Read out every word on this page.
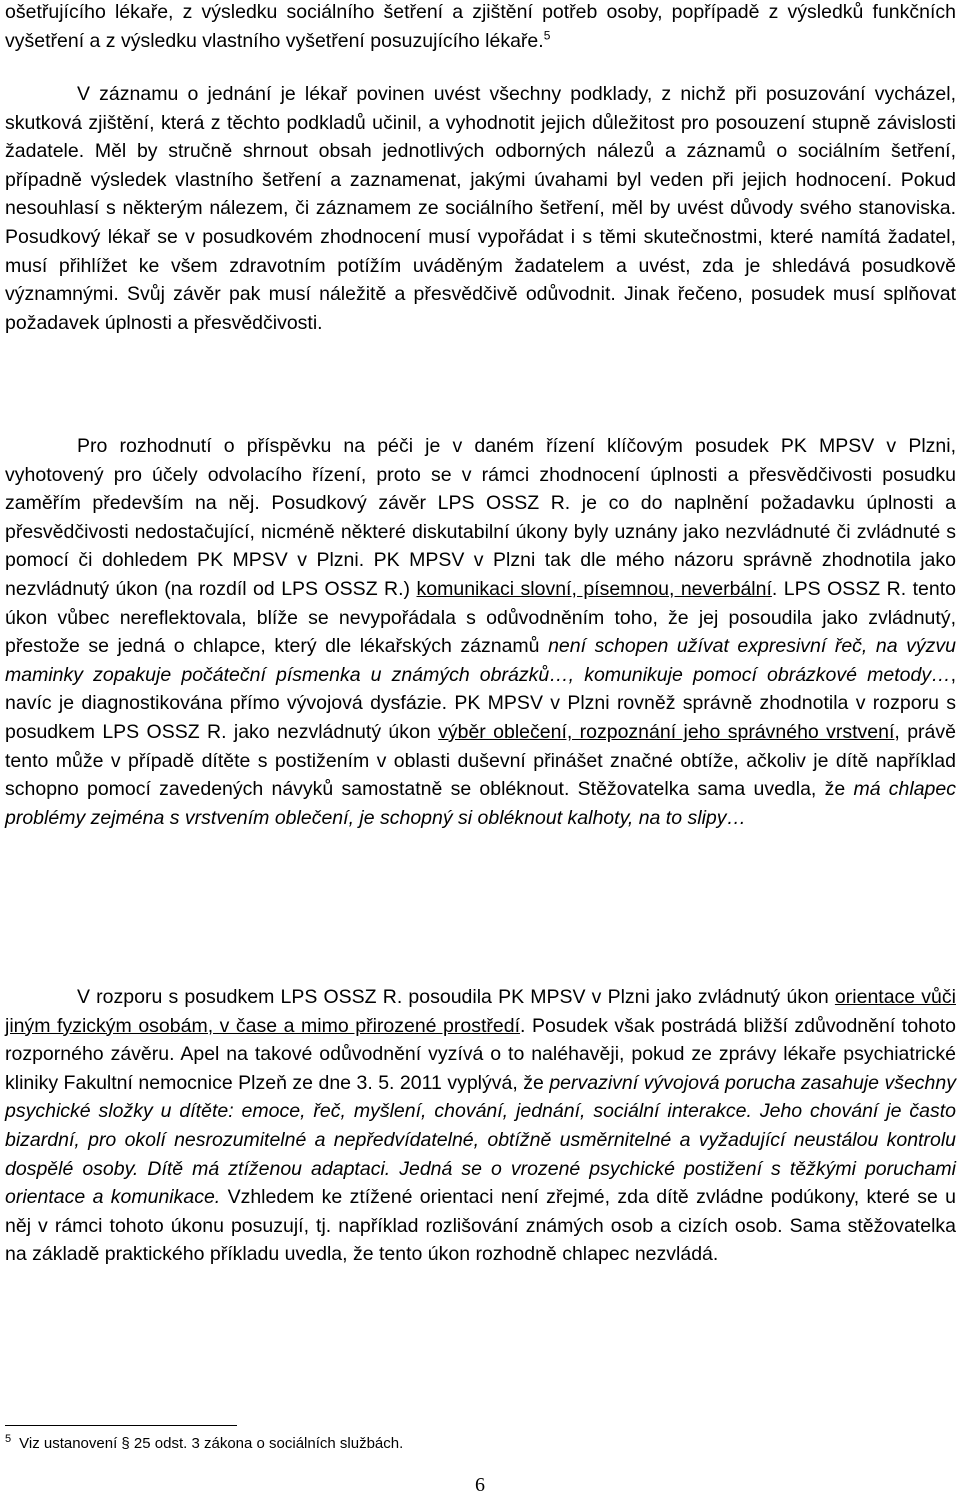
ošetřujícího lékaře, z výsledku sociálního šetření a zjištění potřeb osoby, popřípadě z výsledků funkčních vyšetření a z výsledku vlastního vyšetření posuzujícího lékaře.$^5$

V záznamu o jednání je lékař povinen uvést všechny podklady, z nichž při posuzování vycházel, skutková zjištění, která z těchto podkladů učinil, a vyhodnotit jejich důležitost pro posouzení stupně závislosti žadatele. Měl by stručně shrnout obsah jednotlivých odborných nálezů a záznamů o sociálním šetření, případně výsledek vlastního šetření a zaznamenat, jakými úvahami byl veden při jejich hodnocení. Pokud nesouhlasí s některým nálezem, či záznamem ze sociálního šetření, měl by uvést důvody svého stanoviska. Posudkový lékař se v posudkovém zhodnocení musí vypořádat i s těmi skutečnostmi, které namítá žadatel, musí přihlížet ke všem zdravotním potížím uváděným žadatelem a uvést, zda je shledává posudkově významnými. Svůj závěr pak musí náležitě a přesvědčivě odůvodnit. Jinak řečeno, posudek musí splňovat požadavek úplnosti a přesvědčivosti.

Pro rozhodnutí o příspěvku na péči je v daném řízení klíčovým posudek PK MPSV v Plzni, vyhotovený pro účely odvolacího řízení, proto se v rámci zhodnocení úplnosti a přesvědčivosti posudku zaměřím především na něj. Posudkový závěr LPS OSSZ R. je co do naplnění požadavku úplnosti a přesvědčivosti nedostačující, nicméně některé diskutabilní úkony byly uznány jako nezvládnuté či zvládnuté s pomocí či dohledem PK MPSV v Plzni. PK MPSV v Plzni tak dle mého názoru správně zhodnotila jako nezvládnutý úkon (na rozdíl od LPS OSSZ R.) komunikaci slovní, písemnou, neverbální. LPS OSSZ R. tento úkon vůbec nereflektovala, blíže se nevypořádala s odůvodněním toho, že jej posoudila jako zvládnutý, přestože se jedná o chlapce, který dle lékařských záznamů není schopen užívat expresivní řeč, na výzvu maminky zopakuje počáteční písmenka u známých obrázků…, komunikuje pomocí obrázkové metody…, navíc je diagnostikována přímo vývojová dysfázie. PK MPSV v Plzni rovněž správně zhodnotila v rozporu s posudkem LPS OSSZ R. jako nezvládnutý úkon výběr oblečení, rozpoznání jeho správného vrstvení, právě tento může v případě dítěte s postižením v oblasti duševní přinášet značné obtíže, ačkoliv je dítě například schopno pomocí zavedených návyků samostatně se obléknout. Stěžovatelka sama uvedla, že má chlapec problémy zejména s vrstvením oblečení, je schopný si obléknout kalhoty, na to slipy…

V rozporu s posudkem LPS OSSZ R. posoudila PK MPSV v Plzni jako zvládnutý úkon orientace vůči jiným fyzickým osobám, v čase a mimo přirozené prostředí. Posudek však postrádá bližší zdůvodnění tohoto rozporného závěru. Apel na takové odůvodnění vyzívá o to naléhavěji, pokud ze zprávy lékaře psychiatrické kliniky Fakultní nemocnice Plzeň ze dne 3. 5. 2011 vyplývá, že pervazivní vývojová porucha zasahuje všechny psychické složky u dítěte: emoce, řeč, myšlení, chování, jednání, sociální interakce. Jeho chování je často bizardní, pro okolí nesrozumitelné a nepředvídatelné, obtížně usměrnitelné a vyžadující neustálou kontrolu dospělé osoby. Dítě má ztíženou adaptaci. Jedná se o vrozené psychické postižení s těžkými poruchami orientace a komunikace. Vzhledem ke ztížené orientaci není zřejmé, zda dítě zvládne podúkony, které se u něj v rámci tohoto úkonu posuzují, tj. například rozlišování známých osob a cizích osob. Sama stěžovatelka na základě praktického příkladu uvedla, že tento úkon rozhodně chlapec nezvládá.

$^5$ Viz ustanovení § 25 odst. 3 zákona o sociálních službách.
6
